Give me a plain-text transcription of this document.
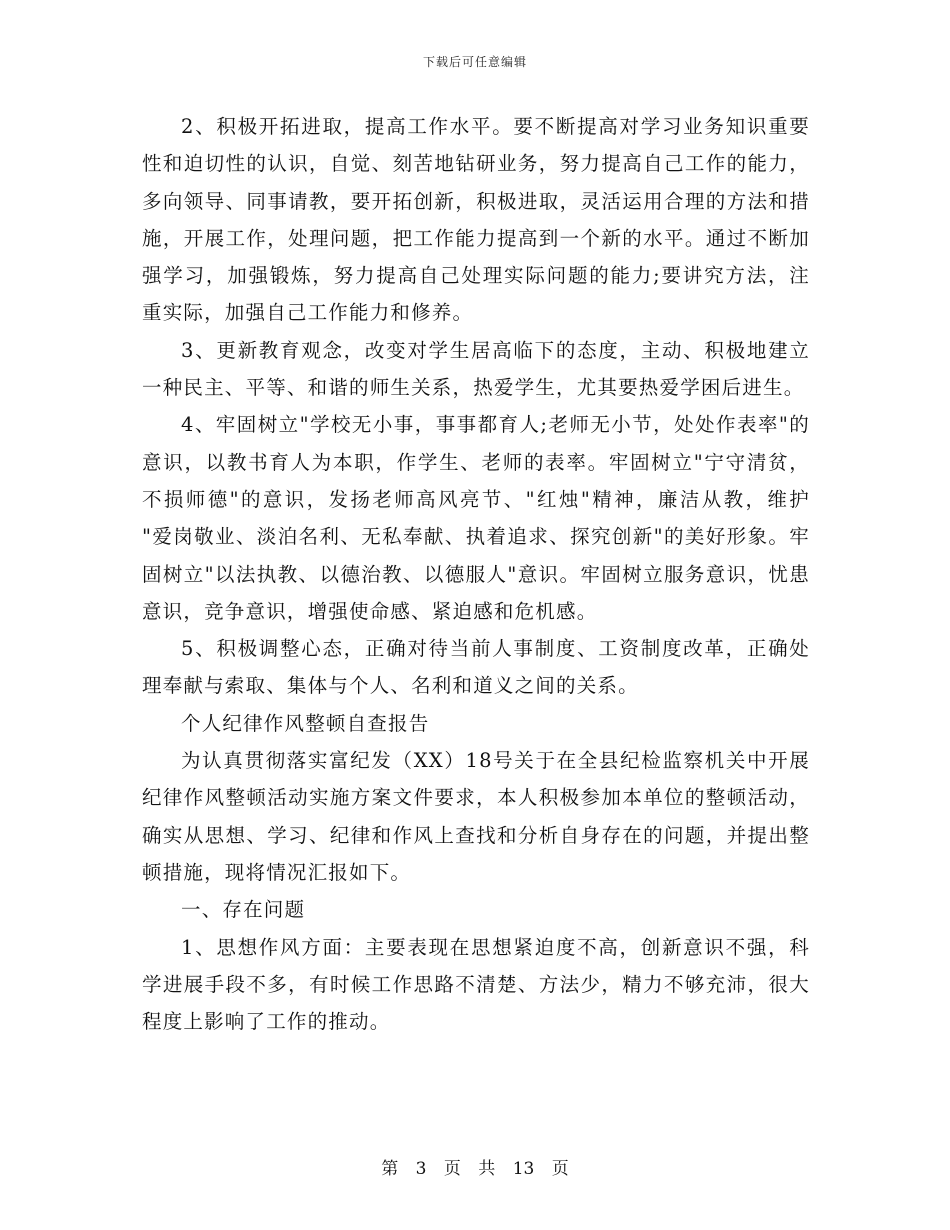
下载后可任意编辑

2、积极开拓进取，提高工作水平。要不断提高对学习业务知识重要性和迫切性的认识，自觉、刻苦地钻研业务，努力提高自己工作的能力，多向领导、同事请教，要开拓创新，积极进取，灵活运用合理的方法和措施，开展工作，处理问题，把工作能力提高到一个新的水平。通过不断加强学习，加强锻炼，努力提高自己处理实际问题的能力;要讲究方法，注重实际，加强自己工作能力和修养。

3、更新教育观念，改变对学生居高临下的态度，主动、积极地建立一种民主、平等、和谐的师生关系，热爱学生，尤其要热爱学困后进生。

4、牢固树立"学校无小事，事事都育人;老师无小节，处处作表率"的意识，以教书育人为本职，作学生、老师的表率。牢固树立"宁守清贫，不损师德"的意识，发扬老师高风亮节、"红烛"精神，廉洁从教，维护 "爱岗敬业、淡泊名利、无私奉献、执着追求、探究创新"的美好形象。牢固树立"以法执教、以德治教、以德服人"意识。牢固树立服务意识，忧患意识，竞争意识，增强使命感、紧迫感和危机感。

5、积极调整心态，正确对待当前人事制度、工资制度改革，正确处理奉献与索取、集体与个人、名利和道义之间的关系。

个人纪律作风整顿自查报告

为认真贯彻落实富纪发（XX）18号关于在全县纪检监察机关中开展纪律作风整顿活动实施方案文件要求，本人积极参加本单位的整顿活动，确实从思想、学习、纪律和作风上查找和分析自身存在的问题，并提出整顿措施，现将情况汇报如下。

一、存在问题

1、思想作风方面：主要表现在思想紧迫度不高，创新意识不强，科学进展手段不多，有时候工作思路不清楚、方法少，精力不够充沛，很大程度上影响了工作的推动。

第 3 页 共 13 页
